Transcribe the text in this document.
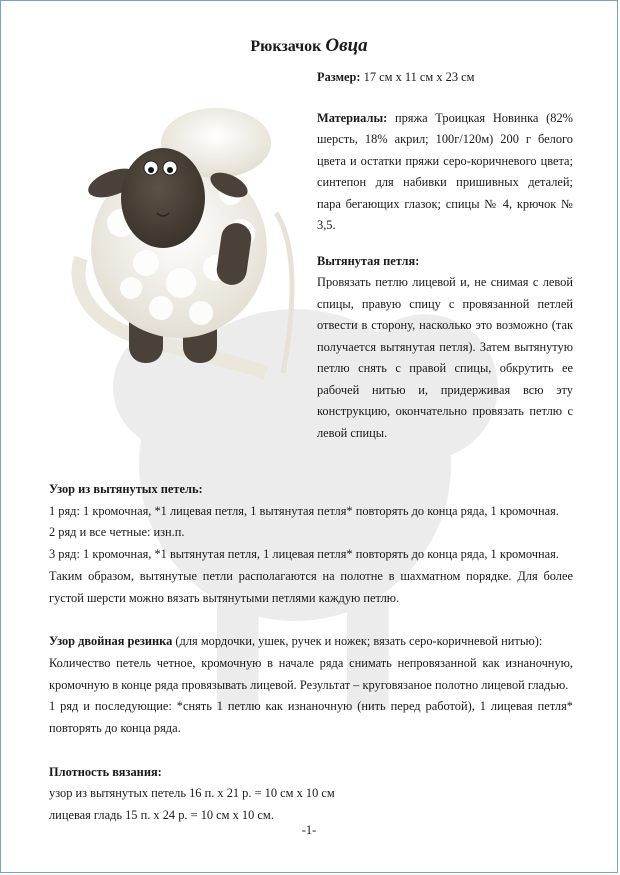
Рюкзачок Овца

Размер: 17 см х 11 см х 23 см

Материалы: пряжа Троицкая Новинка (82% шерсть, 18% акрил; 100г/120м) 200 г белого цвета и остатки пряжи серо-коричневого цвета; синтепон для набивки пришивных деталей; пара бегающих глазок; спицы № 4, крючок № 3,5.

Вытянутая петля:

Провязать петлю лицевой и, не снимая с левой спицы, правую спицу с провязанной петлей отвести в сторону, насколько это возможно (так получается вытянутая петля). Затем вытянутую петлю снять с правой спицы, обкрутить ее рабочей нитью и, придерживая всю эту конструкцию, окончательно провязать петлю с левой спицы.

Узор из вытянутых петель:

1 ряд: 1 кромочная, *1 лицевая петля, 1 вытянутая петля* повторять до конца ряда, 1 кромочная.

2 ряд и все четные: изн.п.

3 ряд: 1 кромочная, *1 вытянутая петля, 1 лицевая петля* повторять до конца ряда, 1 кромочная.

Таким образом, вытянутые петли располагаются на полотне в шахматном порядке. Для более густой шерсти можно вязать вытянутыми петлями каждую петлю.

Узор двойная резинка (для мордочки, ушек, ручек и ножек; вязать серо-коричневой нитью):

Количество петель четное, кромочную в начале ряда снимать непровязанной как изнаночную, кромочную в конце ряда провязывать лицевой. Результат – круговязаное полотно лицевой гладью.

1 ряд и последующие: *снять 1 петлю как изнаночную (нить перед работой), 1 лицевая петля* повторять до конца ряда.

Плотность вязания:

узор из вытянутых петель 16 п. х 21 р. = 10 см х 10 см

лицевая гладь 15 п. х 24 р. = 10 см х 10 см.

-1-
